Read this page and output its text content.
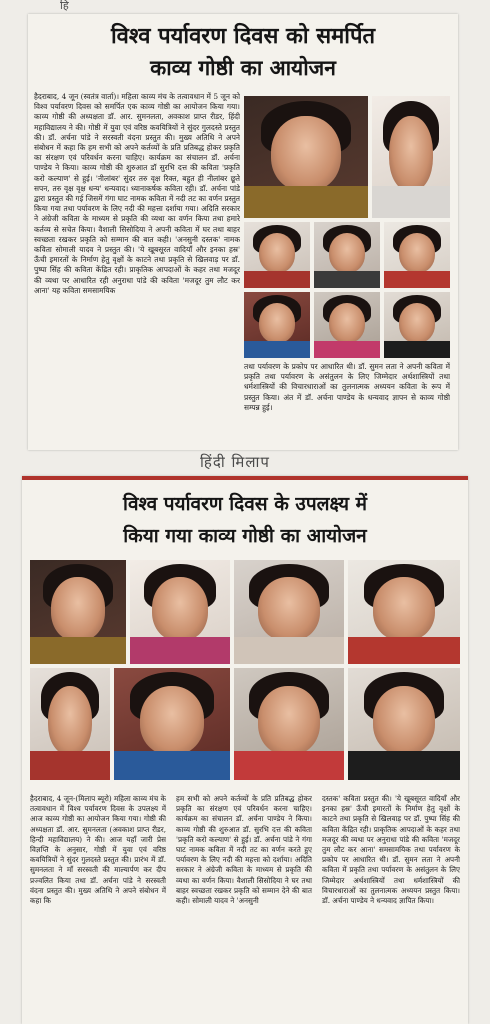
हि
विश्व पर्यावरण दिवस को समर्पित
काव्य गोष्ठी का आयोजन

हैदराबाद, 4 जून (स्वतंत्र वार्ता)। महिला काव्य मंच के तत्वावधान में 5 जून को विश्व पर्यावरण दिवस को समर्पित एक काव्य गोष्ठी का आयोजन किया गया। काव्य गोष्ठी की अध्यक्षता डॉ. आर. सुमनलता, अवकाश प्राप्त रीडर, हिंदी महाविद्यालय ने की। गोष्ठी में युवा एवं वरिष्ठ कवयित्रियों ने सुंदर गुलदस्ते प्रस्तुत की। डॉ. अर्चना पांडे ने सरस्वती वंदना प्रस्तुत की। मुख्य अतिथि ने अपने संबोधन में कहा कि हम सभी को अपने कर्तव्यों के प्रति प्रतिबद्ध होकर प्रकृति का संरक्षण एवं परिवर्धन करना चाहिए। कार्यक्रम का संचालन डॉ. अर्चना पाण्डेय ने किया। काव्य गोष्ठी की शुरुआत डॉ सुरभि दत्त की कविता 'प्रकृति करो कल्याण' से हुई। 'नीलांबर' सुंदर तरु वृक्ष रिक्त, बहुत ही नीलांबर छूते सपन, तरु वृक्ष वृक्ष धन्य' धन्यवाद। ध्यानाकर्षक कविता रही। डॉ. अर्चना पांडे द्वारा प्रस्तुत की गई जिसमें गंगा घाट नामक कविता में नदी तट का वर्णन प्रस्तुत किया गया तथा पर्यावरण के लिए नदी की महत्ता दर्शाया गया। अदिति सरकार ने अंग्रेजी कविता के माध्यम से प्रकृति की व्यथा का वर्णन किया तथा हमारे कर्तव्य से सचेत किया। वैशाली सिसोदिया ने अपनी कविता में घर तथा बाहर स्वच्छता रखकर प्रकृति को सम्मान की बात कही। 'अनसुनी दस्तक' नामक कविता सोमाली यादव ने प्रस्तुत की। 'ये खूबसूरत वादियाँ और इनका हस्र' ऊँची इमारतों के निर्माण हेतु वृक्षों के काटने तथा प्रकृति से खिलवाड़ पर डॉ. पुष्पा सिंह की कविता केंद्रित रही। प्राकृतिक आपदाओं के कहर तथा मजदूर की व्यथा पर आधारित रही अनुराधा पांडे की कविता 'मजदूर तुम लौट कर आना' यह कविता समसामयिक

तथा पर्यावरण के प्रकोप पर आधारित थी। डॉ. सुमन लता ने अपनी कविता में प्रकृति तथा पर्यावरण के असंतुलन के लिए जिम्मेदार अर्थशास्त्रियों तथा धर्मशास्त्रियों की विचारधाराओं का तुलनात्मक अध्ययन कविता के रूप में प्रस्तुत किया। अंत में डॉ. अर्चना पाण्डेय के धन्यवाद ज्ञापन से काव्य गोष्ठी सम्पन्न हुई।

हिंदी मिलाप
विश्व पर्यावरण दिवस के उपलक्ष्य में
किया गया काव्य गोष्ठी का आयोजन

हैदराबाद, 4 जून-(मिलाप ब्यूरो) महिला काव्य मंच के तत्वावधान में विश्व पर्यावरण दिवस के उपलक्ष्य में आज काव्य गोष्ठी का आयोजन किया गया। गोष्ठी की अध्यक्षता डॉ. आर. सुमनलता (अवकाश प्राप्त रीडर, हिन्दी महाविद्यालय) ने की। आज यहाँ जारी प्रेस विज्ञप्ति के अनुसार, गोष्ठी में युवा एवं वरिष्ठ कवयित्रियों ने सुंदर गुलदस्ते प्रस्तुत की। प्रारंभ में डॉ. सुमनलता ने माँ सरस्वती की माल्यार्पण कर दीप प्रज्वलित किया तथा डॉ. अर्चना पांडे ने सरस्वती वंदना प्रस्तुत की। मुख्य अतिथि ने अपने संबोधन में कहा कि

हम सभी को अपने कर्तव्यों के प्रति प्रतिबद्ध होकर प्रकृति का संरक्षण एवं परिवर्धन करना चाहिए। कार्यक्रम का संचालन डॉ. अर्चना पाण्डेय ने किया। काव्य गोष्ठी की शुरुआत डॉ. सुरभि दत्त की कविता 'प्रकृति करो कल्याण' से हुई। डॉ. अर्चना पांडे ने गंगा घाट नामक कविता में नदी तट का वर्णन करते हुए पर्यावरण के लिए नदी की महत्ता को दर्शाया। अदिति सरकार ने अंग्रेजी कविता के माध्यम से प्रकृति की व्यथा का वर्णन किया। वैशाली सिसोदिया ने घर तथा बाहर स्वच्छता रखकर प्रकृति को सम्मान देने की बात कही। सोमाली यादव ने 'अनसुनी

दस्तक' कविता प्रस्तुत की। 'ये खूबसूरत वादियाँ और इनका हस्र' ऊँची इमारतों के निर्माण हेतु वृक्षों के काटने तथा प्रकृति से खिलवाड़ पर डॉ. पुष्पा सिंह की कविता केंद्रित रही। प्राकृतिक आपदाओं के कहर तथा मजदूर की व्यथा पर अनुराधा पांडे की कविता 'मजदूर तुम लौट कर आना' समसामयिक तथा पर्यावरण के प्रकोप पर आधारित थी। डॉ. सुमन लता ने अपनी कविता में प्रकृति तथा पर्यावरण के असंतुलन के लिए जिम्मेदार अर्थशास्त्रियों तथा धर्मशास्त्रियों की विचारधाराओं का तुलनात्मक अध्ययन प्रस्तुत किया। डॉ. अर्चना पाण्डेय ने धन्यवाद ज्ञापित किया।
